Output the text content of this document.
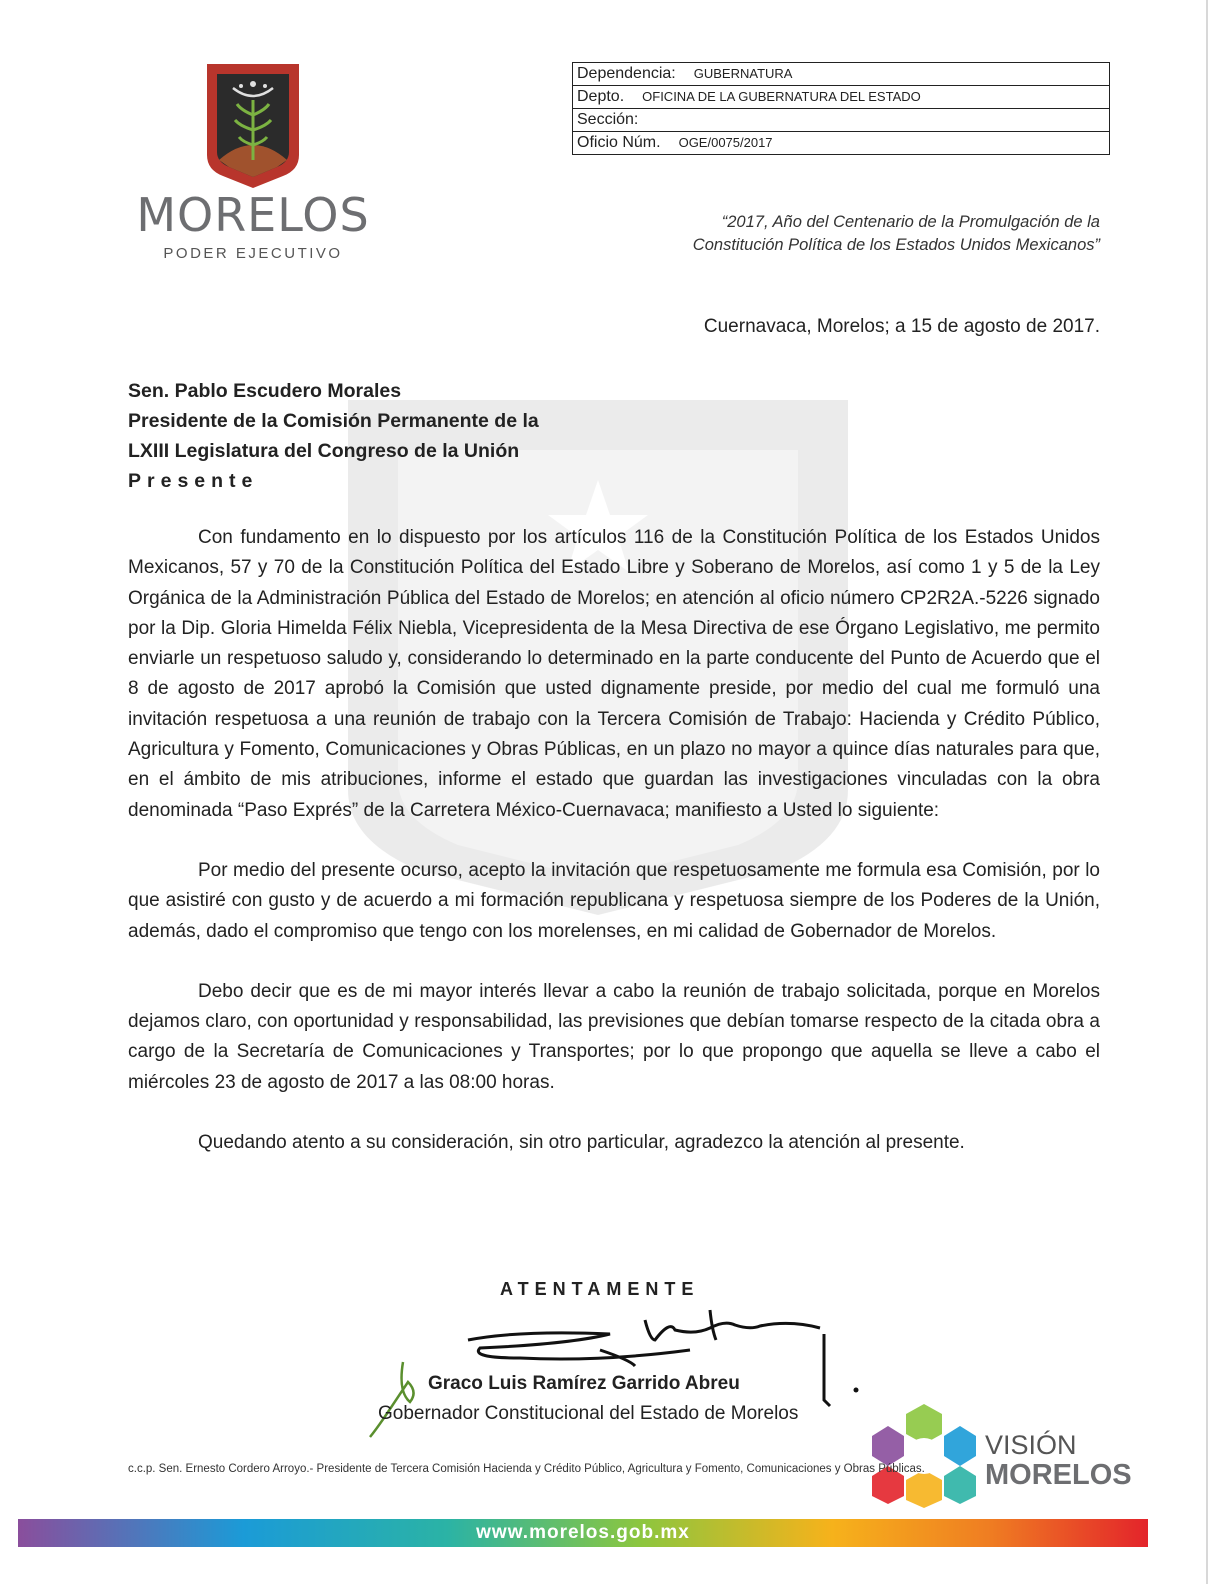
MORELOS
PODER EJECUTIVO
Dependencia: GUBERNATURA
Depto. OFICINA DE LA GUBERNATURA DEL ESTADO
Sección:
Oficio Núm. OGE/0075/2017
“2017, Año del Centenario de la Promulgación de la
Constitución Política de los Estados Unidos Mexicanos”
Cuernavaca, Morelos; a 15 de agosto de 2017.
Sen. Pablo Escudero Morales
Presidente de la Comisión Permanente de la
LXIII Legislatura del Congreso de la Unión
Presente

Con fundamento en lo dispuesto por los artículos 116 de la Constitución Política de los Estados Unidos Mexicanos, 57 y 70 de la Constitución Política del Estado Libre y Soberano de Morelos, así como 1 y 5 de la Ley Orgánica de la Administración Pública del Estado de Morelos; en atención al oficio número CP2R2A.-5226 signado por la Dip. Gloria Himelda Félix Niebla, Vicepresidenta de la Mesa Directiva de ese Órgano Legislativo, me permito enviarle un respetuoso saludo y, considerando lo determinado en la parte conducente del Punto de Acuerdo que el 8 de agosto de 2017 aprobó la Comisión que usted dignamente preside, por medio del cual me formuló una invitación respetuosa a una reunión de trabajo con la Tercera Comisión de Trabajo: Hacienda y Crédito Público, Agricultura y Fomento, Comunicaciones y Obras Públicas, en un plazo no mayor a quince días naturales para que, en el ámbito de mis atribuciones, informe el estado que guardan las investigaciones vinculadas con la obra denominada “Paso Exprés” de la Carretera México-Cuernavaca; manifiesto a Usted lo siguiente:

Por medio del presente ocurso, acepto la invitación que respetuosamente me formula esa Comisión, por lo que asistiré con gusto y de acuerdo a mi formación republicana y respetuosa siempre de los Poderes de la Unión, además, dado el compromiso que tengo con los morelenses, en mi calidad de Gobernador de Morelos.

Debo decir que es de mi mayor interés llevar a cabo la reunión de trabajo solicitada, porque en Morelos dejamos claro, con oportunidad y responsabilidad, las previsiones que debían tomarse respecto de la citada obra a cargo de la Secretaría de Comunicaciones y Transportes; por lo que propongo que aquella se lleve a cabo el miércoles 23 de agosto de 2017 a las 08:00 horas.

Quedando atento a su consideración, sin otro particular, agradezco la atención al presente.

ATENTAMENTE
Graco Luis Ramírez Garrido Abreu
Gobernador Constitucional del Estado de Morelos
VISIÓN
MORELOS
c.c.p. Sen. Ernesto Cordero Arroyo.- Presidente de Tercera Comisión Hacienda y Crédito Público, Agricultura y Fomento, Comunicaciones y Obras Públicas.
www.morelos.gob.mx
